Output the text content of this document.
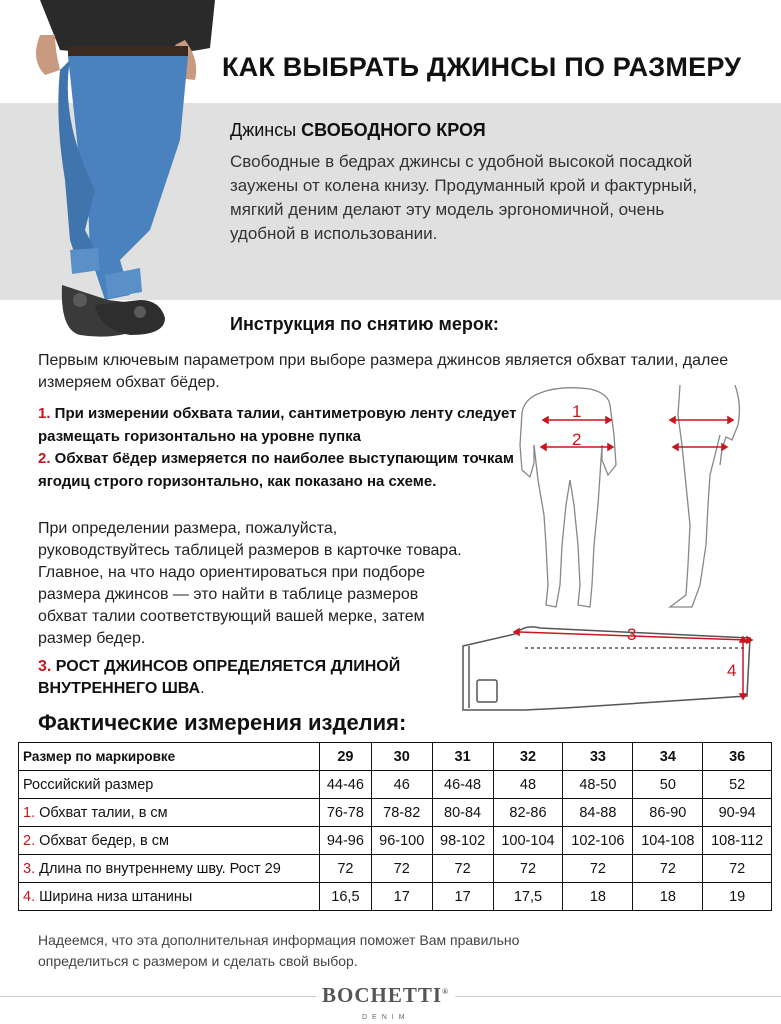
КАК ВЫБРАТЬ ДЖИНСЫ ПО РАЗМЕРУ
Джинсы СВОБОДНОГО КРОЯ
Свободные в бедрах джинсы с удобной высокой посадкой заужены от колена книзу. Продуманный крой и фактурный, мягкий деним делают эту модель эргономичной, очень удобной в использовании.
Инструкция по снятию мерок:
Первым ключевым параметром при выборе размера джинсов является обхват талии, далее измеряем обхват бёдер.
1. При измерении обхвата талии, сантиметровую ленту следует размещать горизонтально на уровне пупка
2. Обхват бёдер измеряется по наиболее выступающим точкам ягодиц строго горизонтально, как показано на схеме.
При определении размера, пожалуйста, руководствуйтесь таблицей размеров в карточке товара. Главное, на что надо ориентироваться при подборе размера джинсов — это найти в таблице размеров обхват талии соответствующий вашей мерке, затем размер бедер.
3. РОСТ ДЖИНСОВ ОПРЕДЕЛЯЕТСЯ ДЛИНОЙ ВНУТРЕННЕГО ШВА.
1
2
3
4
Фактические измерения изделия:
Размер по маркировке	29	30	31	32	33	34	36
Российский размер	44-46	46	46-48	48	48-50	50	52
1. Обхват талии, в см	76-78	78-82	80-84	82-86	84-88	86-90	90-94
2. Обхват бедер, в см	94-96	96-100	98-102	100-104	102-106	104-108	108-112
3. Длина по внутреннему шву. Рост 29	72	72	72	72	72	72	72
4. Ширина низа штанины	16,5	17	17	17,5	18	18	19
Надеемся, что эта дополнительная информация поможет Вам правильно определиться с размером и сделать свой выбор.
BOCHETTI®
DENIM
